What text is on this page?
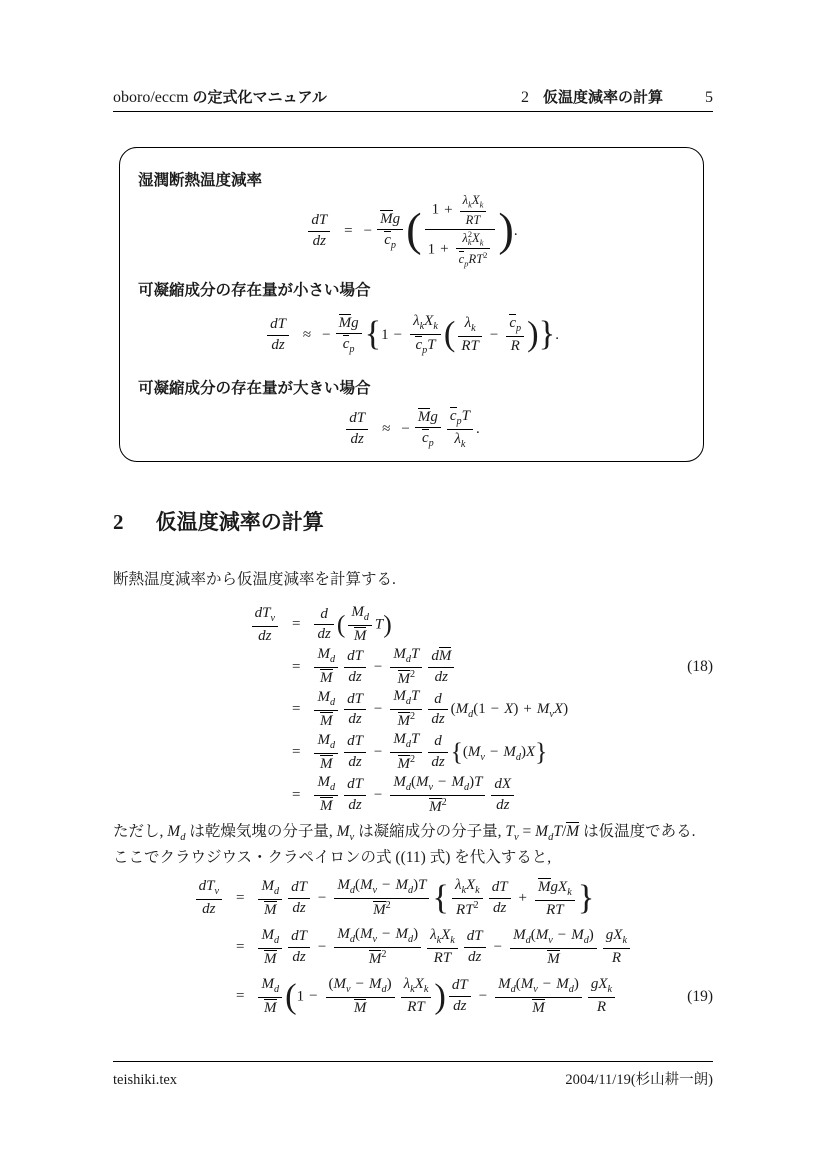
oboro/eccm
の定式化マニュアル	2 仮温度減率の計算	5
湿潤断熱温度減率
$\frac{dT}{dz}$ = − $\frac{Mg}{c_p}$ ( 1 +
$\lambda_kX_k$
RT
1 +
λ 2
k $X_k$
$c_pRT^2$ ) .
可凝縮成分の存在量が小さい場合
$\frac{dT}{dz}$ ≈ − $\frac{Mg}{c_p}$ { 1 −
$\lambda_kX_k$
$c_pT$ ( $\lambda_k$
RT
− $\frac{c_p}{R}$ ) } .
可凝縮成分の存在量が大きい場合
$\frac{dT}{dz}$ ≈ − $\frac{Mg}{c_p} c_pT$
$\lambda_k$
.
2 仮温度減率の計算
断熱温度減率から仮温度減率を計算する.
$dT_v$
dz
= $\frac{d}{dz}$ ( $\frac{M_d}{M} T$)
= $\frac{M_d}{M} \frac{dT}{dz}$ −
$M_dT$
$M^2 \frac{dM}{dz}$	(18)
= $\frac{M_d}{M} \frac{dT}{dz}$ −
$M_dT$
$M^2 \frac{d}{dz} (M_d(1 - X) + M_vX)$
= $\frac{M_d}{M} \frac{dT}{dz}$ −
$M_dT$
$M^2 \frac{d}{dz} \{(M_v - M_d)X\}$
= $\frac{M_d}{M} \frac{dT}{dz} - \frac{M_d(M_v - M_d)T}{M^2} \frac{dX}{dz}$
ただし, $M_d$ は乾燥気塊の分子量, $M_v$ は凝縮成分の分子量, $T_v = M_dT/M$ は仮温度である. ここでクラウジウス・クラペイロンの式 ((11) 式) を代入すると,
$dT_v$
dz
= $\frac{M_d}{M} \frac{dT}{dz} - \frac{M_d(M_v - M_d)T}{M^2}$ { $\lambda_kX_k$
$RT^2 \frac{dT}{dz}$ +
MgX$_k$
RT }
= $\frac{M_d}{M} \frac{dT}{dz} - \frac{M_d(M_v - M_d)}{M^2} \lambda_kX_k$
RT $\frac{dT}{dz} - \frac{M_d(M_v - M_d)}{M} gX_k$
R
= $\frac{M_d}{M} (1 - \frac{(M_v - M_d)}{M} \lambda_kX_k$
RT ) $\frac{dT}{dz} - \frac{M_d(M_v - M_d)}{M} gX_k$
R
(19)
teishiki.tex	2004/11/19(杉山耕一朗)
